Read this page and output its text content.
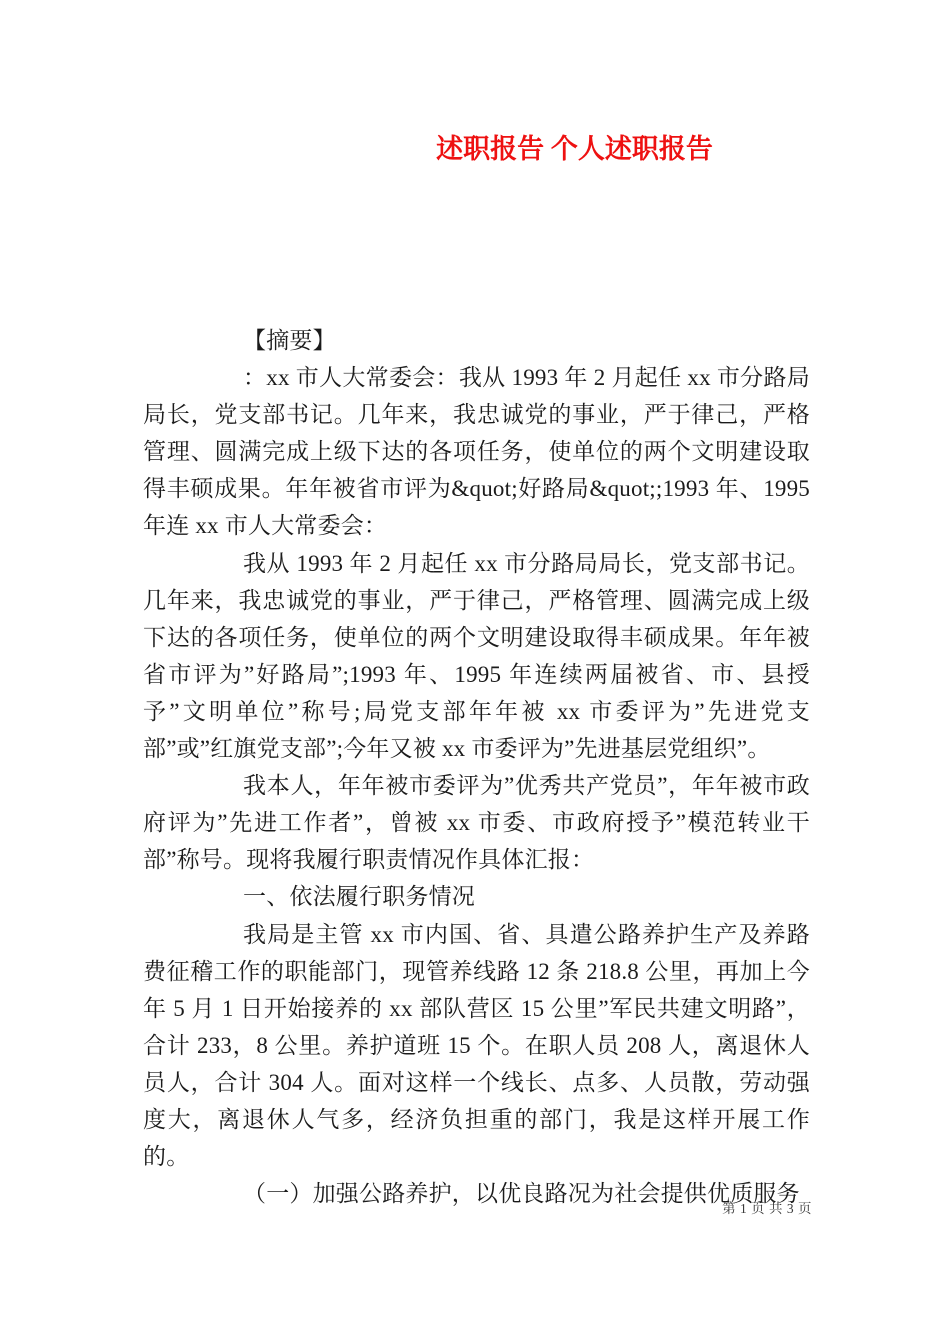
述职报告 个人述职报告

【摘要】

：xx 市人大常委会：我从 1993 年 2 月起任 xx 市分路局局长，党支部书记。几年来，我忠诚党的事业，严于律己，严格管理、圆满完成上级下达的各项任务，使单位的两个文明建设取得丰硕成果。年年被省市评为&quot;好路局&quot;;1993 年、1995 年连 xx 市人大常委会：

我从 1993 年 2 月起任 xx 市分路局局长，党支部书记。几年来，我忠诚党的事业，严于律己，严格管理、圆满完成上级下达的各项任务，使单位的两个文明建设取得丰硕成果。年年被省市评为”好路局”;1993 年、1995 年连续两届被省、市、县授予”文明单位”称号;局党支部年年被 xx 市委评为”先进党支部”或”红旗党支部”;今年又被 xx 市委评为”先进基层党组织”。

我本人，年年被市委评为”优秀共产党员”，年年被市政府评为”先进工作者”，曾被 xx 市委、市政府授予”模范转业干部”称号。现将我履行职责情况作具体汇报：

一、依法履行职务情况

我局是主管 xx 市内国、省、具遣公路养护生产及养路费征稽工作的职能部门，现管养线路 12 条 218.8 公里，再加上今年 5 月 1 日开始接养的 xx 部队营区 15 公里”军民共建文明路”，合计 233，8 公里。养护道班 15 个。在职人员 208 人，离退休人员人，合计 304 人。面对这样一个线长、点多、人员散，劳动强度大，离退休人气多，经济负担重的部门，我是这样开展工作的。

（一）加强公路养护，以优良路况为社会提供优质服务

第 1 页 共 3 页
